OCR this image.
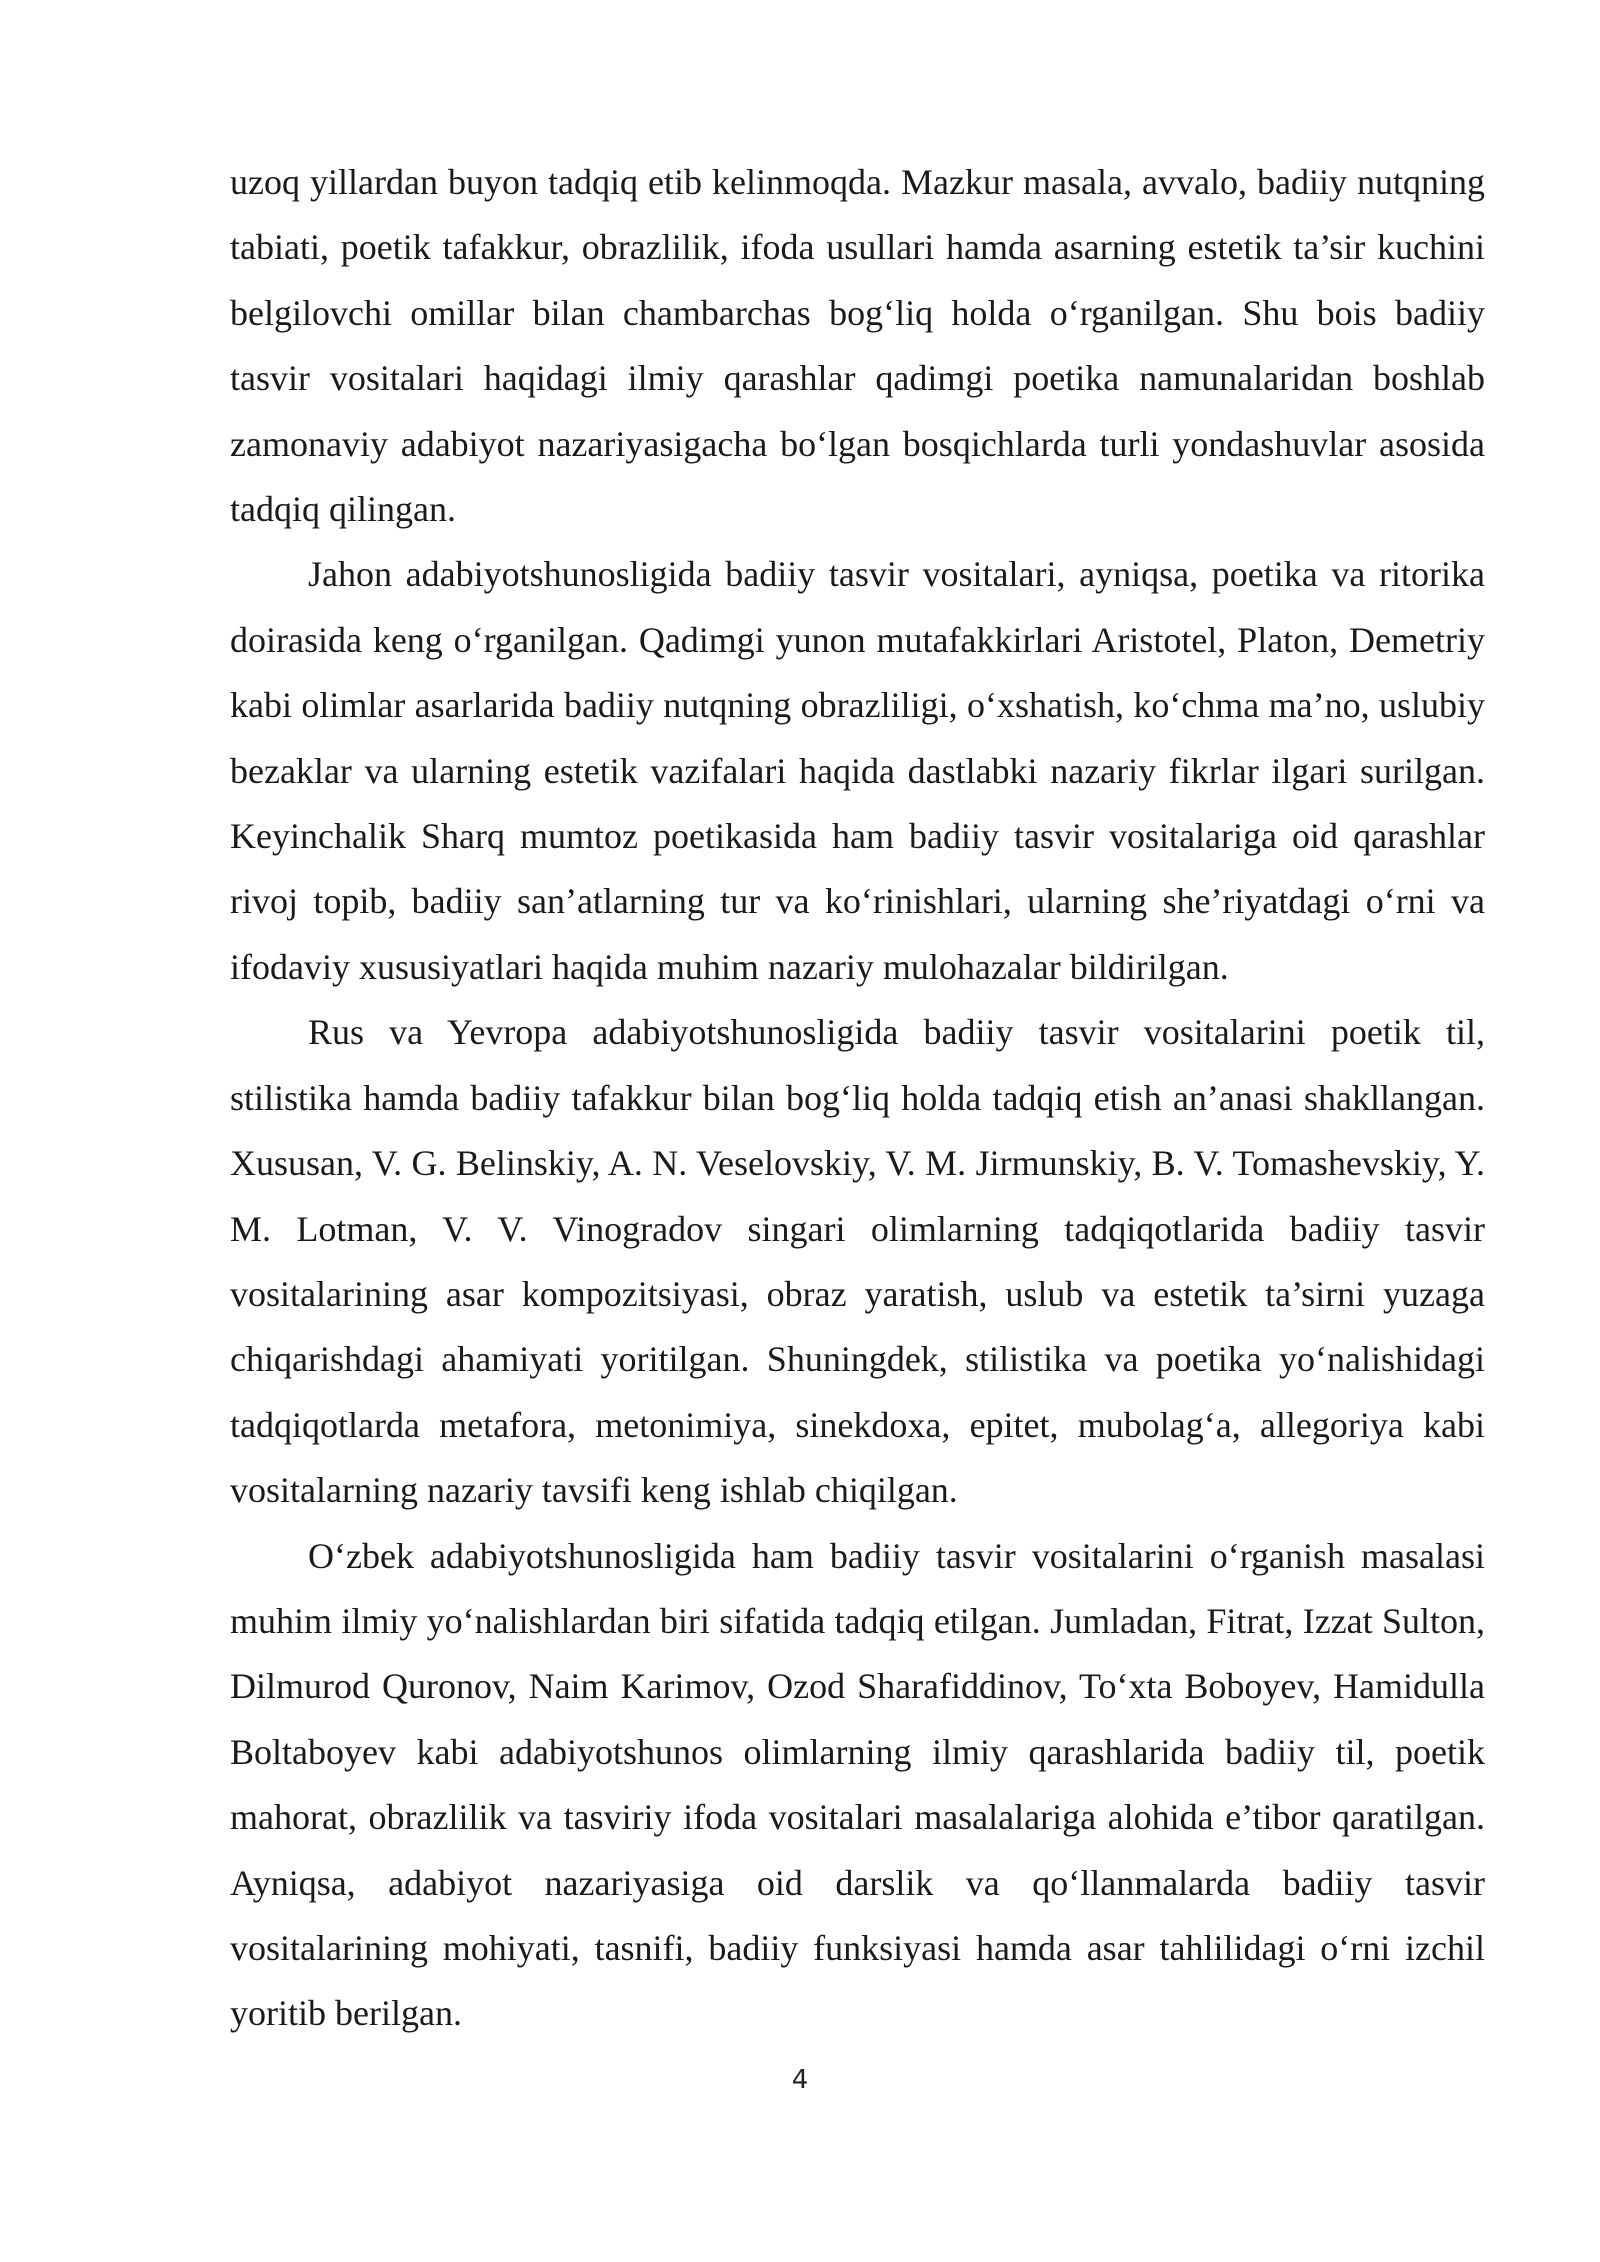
uzoq yillardan buyon tadqiq etib kelinmoqda. Mazkur masala, avvalo, badiiy nutqning tabiati, poetik tafakkur, obrazlilik, ifoda usullari hamda asarning estetik ta’sir kuchini belgilovchi omillar bilan chambarchas bog‘liq holda o‘rganilgan. Shu bois badiiy tasvir vositalari haqidagi ilmiy qarashlar qadimgi poetika namunalaridan boshlab zamonaviy adabiyot nazariyasigacha bo‘lgan bosqichlarda turli yondashuvlar asosida tadqiq qilingan.

Jahon adabiyotshunosligida badiiy tasvir vositalari, ayniqsa, poetika va ritorika doirasida keng o‘rganilgan. Qadimgi yunon mutafakkirlari Aristotel, Platon, Demetriy kabi olimlar asarlarida badiiy nutqning obrazliligi, o‘xshatish, ko‘chma ma’no, uslubiy bezaklar va ularning estetik vazifalari haqida dastlabki nazariy fikrlar ilgari surilgan. Keyinchalik Sharq mumtoz poetikasida ham badiiy tasvir vositalariga oid qarashlar rivoj topib, badiiy san’atlarning tur va ko‘rinishlari, ularning she’riyatdagi o‘rni va ifodaviy xususiyatlari haqida muhim nazariy mulohazalar bildirilgan.

Rus va Yevropa adabiyotshunosligida badiiy tasvir vositalarini poetik til, stilistika hamda badiiy tafakkur bilan bog‘liq holda tadqiq etish an’anasi shakllangan. Xususan, V. G. Belinskiy, A. N. Veselovskiy, V. M. Jirmunskiy, B. V. Tomashevskiy, Y. M. Lotman, V. V. Vinogradov singari olimlarning tadqiqotlarida badiiy tasvir vositalarining asar kompozitsiyasi, obraz yaratish, uslub va estetik ta’sirni yuzaga chiqarishdagi ahamiyati yoritilgan. Shuningdek, stilistika va poetika yo‘nalishidagi tadqiqotlarda metafora, metonimiya, sinekdoxa, epitet, mubolag‘a, allegoriya kabi vositalarning nazariy tavsifi keng ishlab chiqilgan.

O‘zbek adabiyotshunosligida ham badiiy tasvir vositalarini o‘rganish masalasi muhim ilmiy yo‘nalishlardan biri sifatida tadqiq etilgan. Jumladan, Fitrat, Izzat Sulton, Dilmurod Quronov, Naim Karimov, Ozod Sharafiddinov, To‘xta Boboyev, Hamidulla Boltaboyev kabi adabiyotshunos olimlarning ilmiy qarashlarida badiiy til, poetik mahorat, obrazlilik va tasviriy ifoda vositalari masalalariga alohida e’tibor qaratilgan. Ayniqsa, adabiyot nazariyasiga oid darslik va qo‘llanmalarda badiiy tasvir vositalarining mohiyati, tasnifi, badiiy funksiyasi hamda asar tahlilidagi o‘rni izchil yoritib berilgan.

4
